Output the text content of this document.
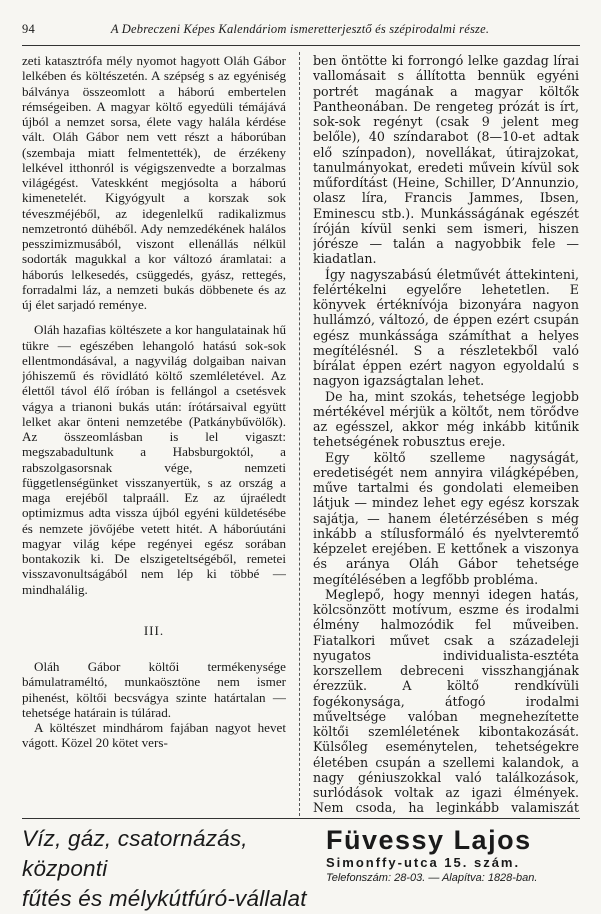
94	A Debreczeni Képes Kalendáriom ismeretterjesztő és szépirodalmi része.

zeti katasztrófa mély nyomot hagyott Oláh Gábor lelkében és költészetén. A szépség s az egyéniség bálványa összeomlott a háború embertelen rémségeiben. A magyar költő egyedüli témájává újból a nemzet sorsa, élete vagy halála kérdése vált. Oláh Gábor nem vett részt a háborúban (szembaja miatt felmentették), de érzékeny lelkével itthonról is végigszenvedte a borzalmas világégést. Vateskként megjósolta a háború kimenetelét. Kigyógyult a korszak sok téveszméjéből, az idegenlelkű radikalizmus nemzetrontó dühéből. Ady nemzedékének halálos pesszimizmusából, viszont ellenállás nélkül sodorták magukkal a kor változó áramlatai: a háborús lelkesedés, csüggedés, gyász, rettegés, forradalmi láz, a nemzeti bukás döbbenete és az új élet sarjadó reménye.

Oláh hazafias költészete a kor hangulatainak hű tükre — egészében lehangoló hatású sok-sok ellentmondásával, a nagyvilág dolgaiban naivan jóhiszemű és rövidlátó költő szemléletével. Az élettől távol élő íróban is fellángol a csetésvek vágya a trianoni bukás után: írótársaival együtt lelket akar önteni nemzetébe (Patkánybűvölők). Az összeomlásban is lel vigaszt: megszabadultunk a Habsburgoktól, a rabszolgasorsnak vége, nemzeti függetlenségünket visszanyertük, s az ország a maga erejéből talpraáll. Ez az újraéledt optimizmus adta vissza újból egyéni küldetésébe és nemzete jövőjébe vetett hitét. A háborúutáni magyar világ képe regényei egész sorában bontakozik ki. De elszigeteltségéből, remetei visszavonultságából nem lép ki többé — mindhalálig.

III.

Oláh Gábor költői termékenysége bámulatraméltó, munkaösztöne nem ismer pihenést, költői becsvágya szinte határtalan — tehetsége határain is túlárad.

A költészet mindhárom fajában nagyot hevet vágott. Közel 20 kötet vers-

ben öntötte ki forrongó lelke gazdag lírai vallomásait s állította bennük egyéni portrét magának a magyar költők Pantheonában. De rengeteg prózát is írt, sok-sok regényt (csak 9 jelent meg belőle), 40 színdarabot (8—10-et adtak elő színpadon), novellákat, útirajzokat, tanulmányokat, eredeti művein kívül sok műfordítást (Heine, Schiller, D’Annunzio, olasz líra, Francis Jammes, Ibsen, Eminescu stb.). Munkásságának egészét íróján kívül senki sem ismeri, hiszen jórésze — talán a nagyobbik fele — kiadatlan.

Így nagyszabású életművét áttekinteni, felértékelni egyelőre lehetetlen. E könyvek értéknívója bizonyára nagyon hullámzó, változó, de éppen ezért csupán egész munkássága számíthat a helyes megítélésnél. S a részletekből való bírálat éppen ezért nagyon egyoldalú s nagyon igazságtalan lehet.

De ha, mint szokás, tehetsége legjobb mértékével mérjük a költőt, nem törődve az egésszel, akkor még inkább kitűnik tehetségének robusztus ereje.

Egy költő szelleme nagyságát, eredetiségét nem annyira világképében, műve tartalmi és gondolati elemeiben látjuk — mindez lehet egy egész korszak sajátja, — hanem életérzésében s még inkább a stílusformáló és nyelvteremtő képzelet erejében. E kettőnek a viszonya és aránya Oláh Gábor tehetsége megítélésében a legfőbb probléma.

Meglepő, hogy mennyi idegen hatás, kölcsönzött motívum, eszme és irodalmi élmény halmozódik fel műveiben. Fiatalkori művet csak a századeleji nyugatos individualista-esztéta korszellem debreceni visszhangjának érezzük. A költő rendkívüli fogékonysága, átfogó irodalmi műveltsége valóban megnehezítette költői szemléletének kibontakozását. Külsőleg eseménytelen, tehetségekre életében csupán a szellemi kalandok, a nagy géniuszokkal való találkozások, surlódások voltak az igazi élmények. Nem csoda, ha leginkább valamiszát

Víz, gáz, csatornázás, központi
fűtés és mélykútfúró-vállalat
Füvessy Lajos
Simonffy-utca 15. szám.
Telefonszám: 28-03. — Alapítva: 1828-ban.
